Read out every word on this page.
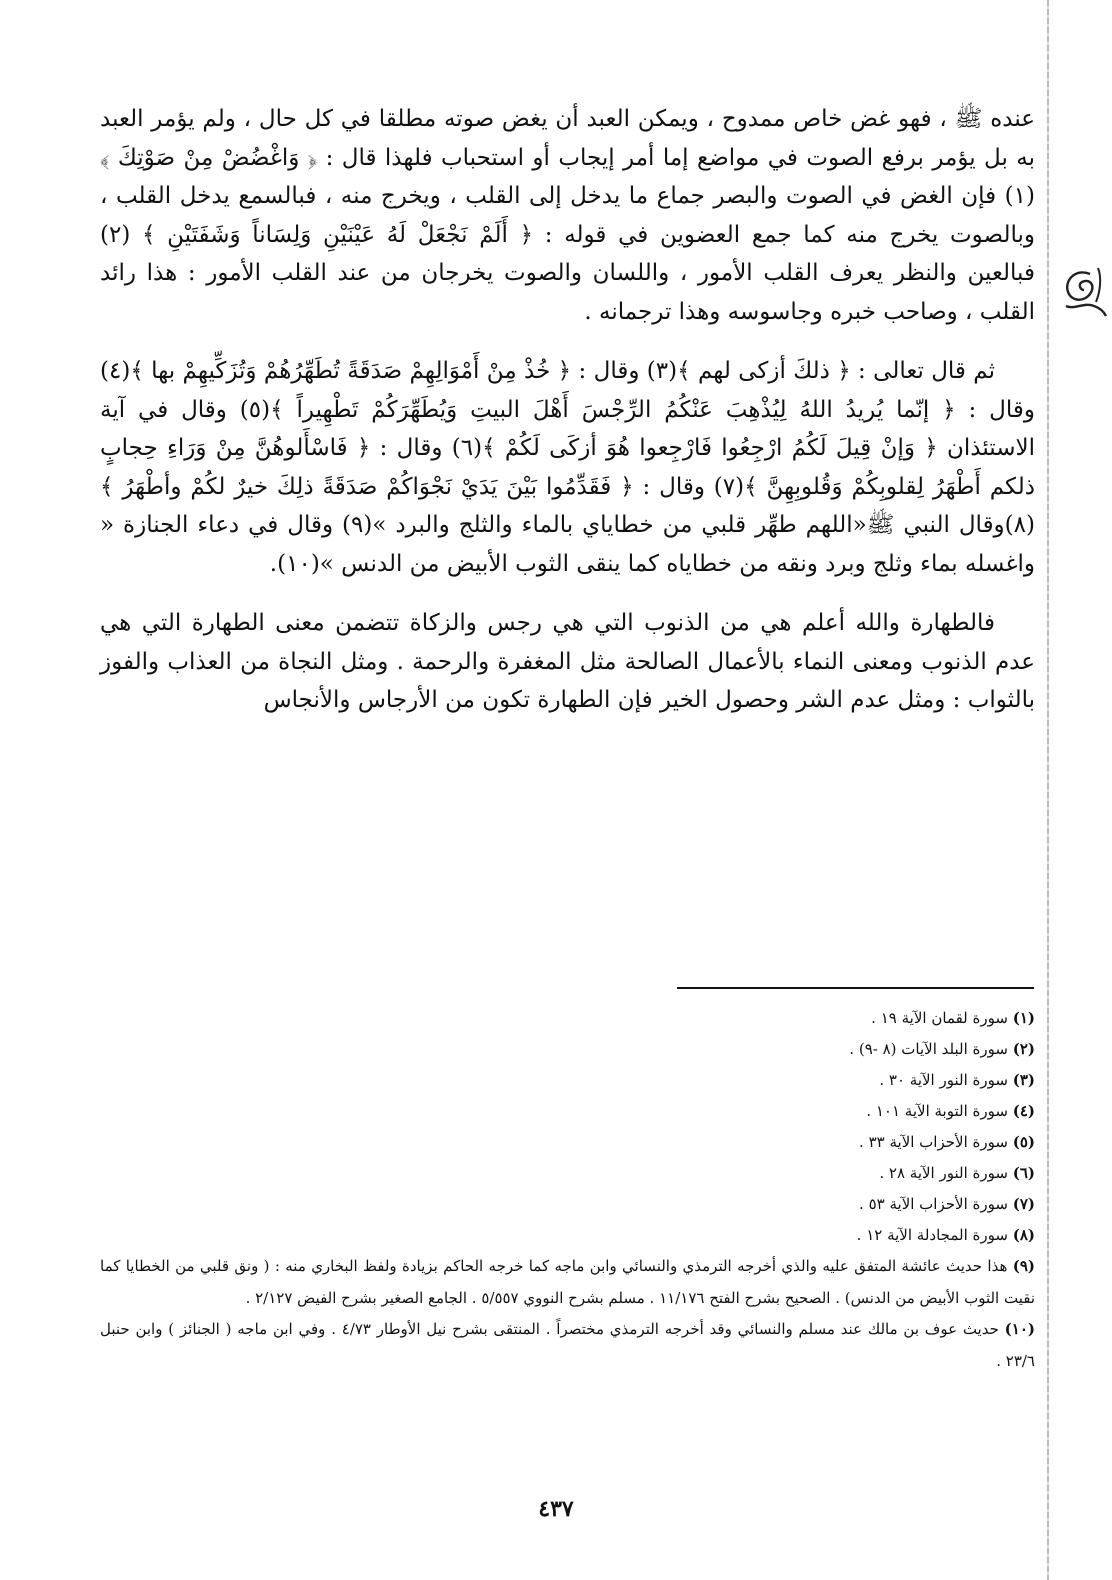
عنده ﷺ ، فهو غض خاص ممدوح ، ويمكن العبد أن يغض صوته مطلقا في كل حال ، ولم يؤمر العبد به بل يؤمر برفع الصوت في مواضع إما أمر إيجاب أو استحباب فلهذا قال : ﴿ وَاغْضُضْ مِنْ صَوْتِكَ ﴾ (١) فإن الغض في الصوت والبصر جماع ما يدخل إلى القلب ، ويخرج منه ، فبالسمع يدخل القلب ، وبالصوت يخرج منه كما جمع العضوين في قوله : ﴿ أَلَمْ نَجْعَلْ لَهُ عَيْنَيْنِ وَلِسَاناً وَشَفَتَيْنِ ﴾ (٢) فبالعين والنظر يعرف القلب الأمور ، واللسان والصوت يخرجان من عند القلب الأمور : هذا رائد القلب ، وصاحب خبره وجاسوسه وهذا ترجمانه .

ثم قال تعالى : ﴿ ذلكَ أزكى لهم ﴾(٣) وقال : ﴿ خُذْ مِنْ أَمْوَالِهِمْ صَدَقَةً تُطَهِّرُهُمْ وَتُزَكِّيهِمْ بها ﴾(٤) وقال : ﴿ إنّما يُريدُ اللهُ لِيُذْهِبَ عَنْكُمُ الرِّجْسَ أَهْلَ البيتِ وَيُطَهِّرَكُمْ تَطْهِيراً ﴾(٥) وقال في آية الاستئذان ﴿ وَإنْ قِيلَ لَكُمُ ارْجِعُوا فَارْجِعوا هُوَ أزكَى لَكُمْ ﴾(٦) وقال : ﴿ فَاسْأَلوهُنَّ مِنْ وَرَاءِ حِجابٍ ذلكم أَطْهَرُ لِقلوبِكُمْ وَقُلوبِهِنَّ ﴾(٧) وقال : ﴿ فَقَدِّمُوا بَيْنَ يَدَيْ نَجْوَاكُمْ صَدَقَةً ذلِكَ خيرٌ لكُمْ وأطْهَرُ ﴾(٨)وقال النبي ﷺ«اللهم طهِّر قلبي من خطاياي بالماء والثلج والبرد »(٩) وقال في دعاء الجنازة « واغسله بماء وثلج وبرد ونقه من خطاياه كما ينقى الثوب الأبيض من الدنس »(١٠).

فالطهارة والله أعلم هي من الذنوب التي هي رجس والزكاة تتضمن معنى الطهارة التي هي عدم الذنوب ومعنى النماء بالأعمال الصالحة مثل المغفرة والرحمة . ومثل النجاة من العذاب والفوز بالثواب : ومثل عدم الشر وحصول الخير فإن الطهارة تكون من الأرجاس والأنجاس

(١) سورة لقمان الآية ١٩ .

(٢) سورة البلد الآيات (٨ -٩) .

(٣) سورة النور الآية ٣٠ .

(٤) سورة التوبة الآية ١٠١ .

(٥) سورة الأحزاب الآية ٣٣ .

(٦) سورة النور الآية ٢٨ .

(٧) سورة الأحزاب الآية ٥٣ .

(٨) سورة المجادلة الآية ١٢ .

(٩) هذا حديث عائشة المتفق عليه والذي أخرجه الترمذي والنسائي وابن ماجه كما خرجه الحاكم بزيادة ولفظ البخاري منه : ( ونق قلبي من الخطايا كما نقيت الثوب الأبيض من الدنس) . الصحيح بشرح الفتح ١١/١٧٦ . مسلم بشرح النووي ٥/٥٥٧ . الجامع الصغير بشرح الفيض ٢/١٢٧ .

(١٠) حديث عوف بن مالك عند مسلم والنسائي وقد أخرجه الترمذي مختصراً . المنتقى بشرح نيل الأوطار ٤/٧٣ . وفي ابن ماجه ( الجنائز ) وابن حنبل ٢٣/٦ .

٤٣٧
